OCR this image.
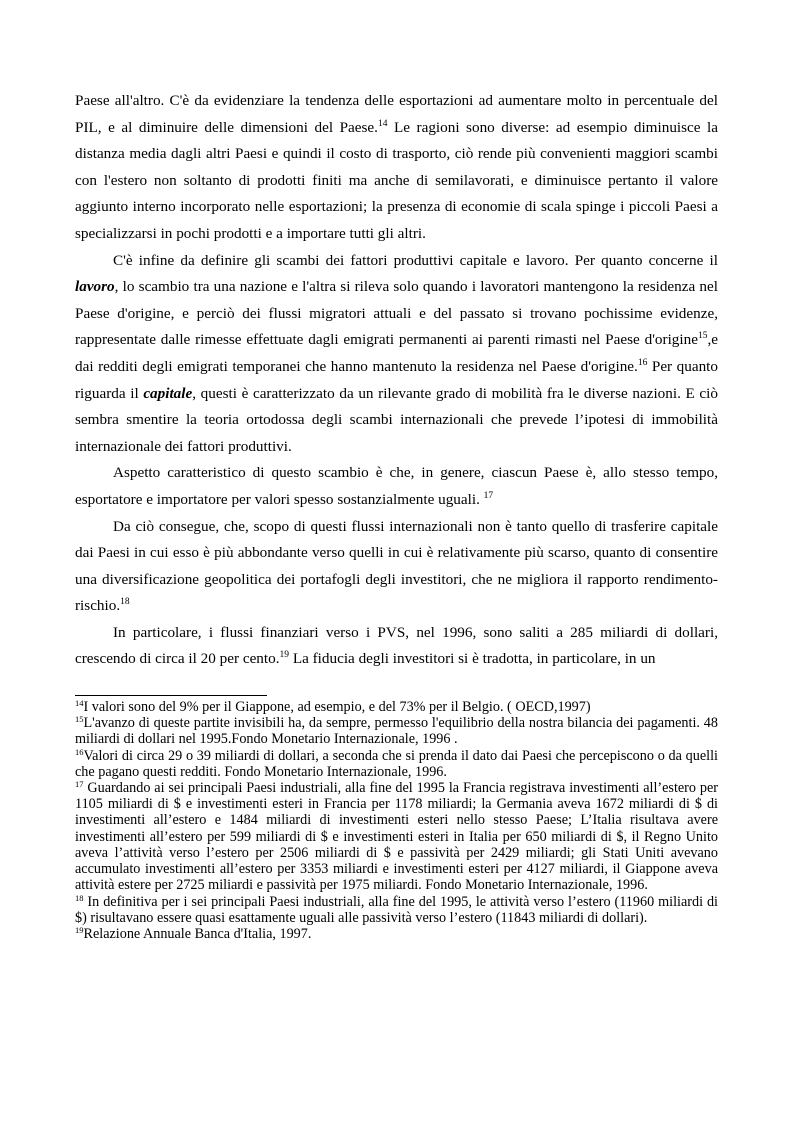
Paese all'altro. C'è da evidenziare la tendenza delle esportazioni ad aumentare molto in percentuale del PIL, e al diminuire delle dimensioni del Paese.$^{14}$ Le ragioni sono diverse: ad esempio diminuisce la distanza media dagli altri Paesi e quindi il costo di trasporto, ciò rende più convenienti maggiori scambi con l'estero non soltanto di prodotti finiti ma anche di semilavorati, e diminuisce pertanto il valore aggiunto interno incorporato nelle esportazioni; la presenza di economie di scala spinge i piccoli Paesi a specializzarsi in pochi prodotti e a importare tutti gli altri.

C'è infine da definire gli scambi dei fattori produttivi capitale e lavoro. Per quanto concerne il lavoro, lo scambio tra una nazione e l'altra si rileva solo quando i lavoratori mantengono la residenza nel Paese d'origine, e perciò dei flussi migratori attuali e del passato si trovano pochissime evidenze, rappresentate dalle rimesse effettuate dagli emigrati permanenti ai parenti rimasti nel Paese d'origine$^{15}$,e dai redditi degli emigrati temporanei che hanno mantenuto la residenza nel Paese d'origine.$^{16}$ Per quanto riguarda il capitale, questi è caratterizzato da un rilevante grado di mobilità fra le diverse nazioni. E ciò sembra smentire la teoria ortodossa degli scambi internazionali che prevede l’ipotesi di immobilità internazionale dei fattori produttivi.

Aspetto caratteristico di questo scambio è che, in genere, ciascun Paese è, allo stesso tempo, esportatore e importatore per valori spesso sostanzialmente uguali. $^{17}$

Da ciò consegue, che, scopo di questi flussi internazionali non è tanto quello di trasferire capitale dai Paesi in cui esso è più abbondante verso quelli in cui è relativamente più scarso, quanto di consentire una diversificazione geopolitica dei portafogli degli investitori, che ne migliora il rapporto rendimento-rischio.$^{18}$

In particolare, i flussi finanziari verso i PVS, nel 1996, sono saliti a 285 miliardi di dollari, crescendo di circa il 20 per cento.$^{19}$ La fiducia degli investitori si è tradotta, in particolare, in un

$^{14}$I valori sono del 9% per il Giappone, ad esempio, e del 73% per il Belgio. ( OECD,1997)

$^{15}$L'avanzo di queste partite invisibili ha, da sempre, permesso l'equilibrio della nostra bilancia dei pagamenti. 48 miliardi di dollari nel 1995.Fondo Monetario Internazionale, 1996 .

$^{16}$Valori di circa 29 o 39 miliardi di dollari, a seconda che si prenda il dato dai Paesi che percepiscono o da quelli che pagano questi redditi. Fondo Monetario Internazionale, 1996.

$^{17}$ Guardando ai sei principali Paesi industriali, alla fine del 1995 la Francia registrava investimenti all’estero per 1105 miliardi di $ e investimenti esteri in Francia per 1178 miliardi; la Germania aveva 1672 miliardi di $ di investimenti all’estero e 1484 miliardi di investimenti esteri nello stesso Paese; L’Italia risultava avere investimenti all’estero per 599 miliardi di $ e investimenti esteri in Italia per 650 miliardi di $, il Regno Unito aveva l’attività verso l’estero per 2506 miliardi di $ e passività per 2429 miliardi; gli Stati Uniti avevano accumulato investimenti all’estero per 3353 miliardi e investimenti esteri per 4127 miliardi, il Giappone aveva attività estere per 2725 miliardi e passività per 1975 miliardi. Fondo Monetario Internazionale, 1996.

$^{18}$ In definitiva per i sei principali Paesi industriali, alla fine del 1995, le attività verso l’estero (11960 miliardi di $) risultavano essere quasi esattamente uguali alle passività verso l’estero (11843 miliardi di dollari).

$^{19}$Relazione Annuale Banca d'Italia, 1997.
